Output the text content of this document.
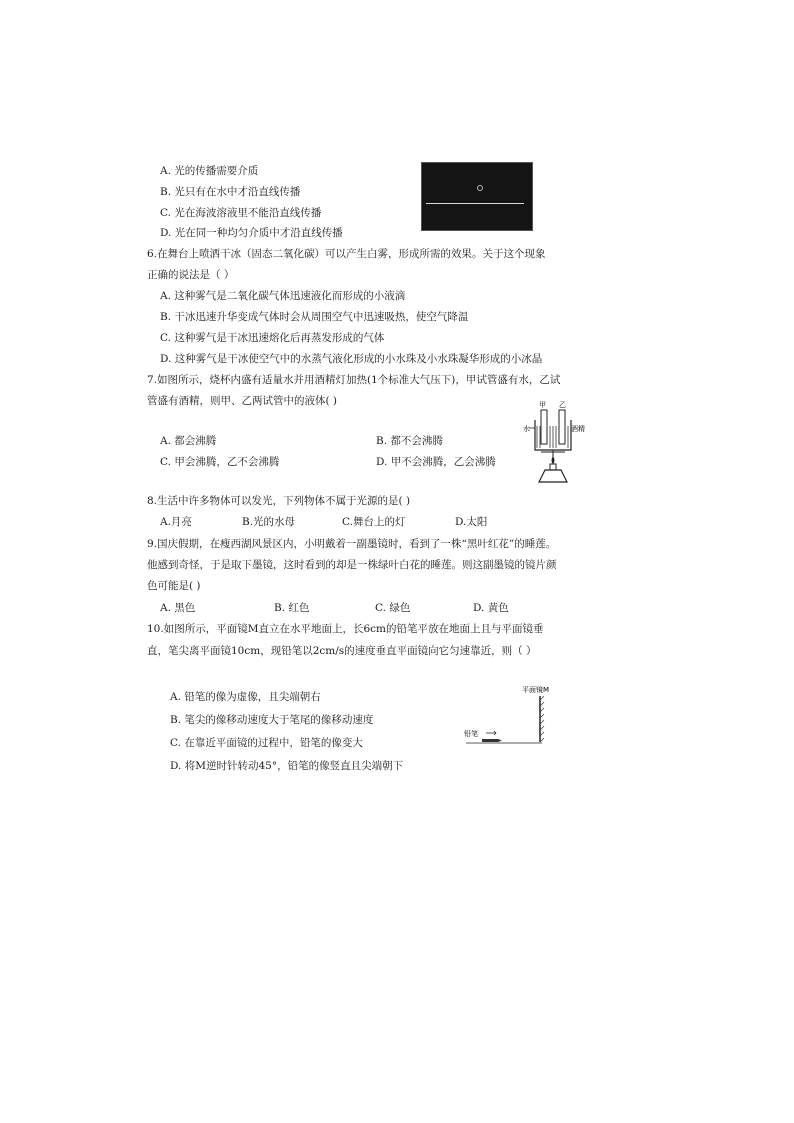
A. 光的传播需要介质
B. 光只有在水中才沿直线传播
C. 光在海波溶液里不能沿直线传播
D. 光在同一种均匀介质中才沿直线传播
6.在舞台上喷洒干冰（固态二氧化碳）可以产生白雾，形成所需的效果。关于这个现象
正确的说法是（ ）
A. 这种雾气是二氧化碳气体迅速液化而形成的小液滴
B. 干冰迅速升华变成气体时会从周围空气中迅速吸热，使空气降温
C. 这种雾气是干冰迅速熔化后再蒸发形成的气体
D. 这种雾气是干冰使空气中的水蒸气液化形成的小水珠及小水珠凝华形成的小冰晶
7.如图所示，烧杯内盛有适量水并用酒精灯加热(1个标准大气压下)，甲试管盛有水，乙试
管盛有酒精，则甲、乙两试管中的液体( )
A. 都会沸腾	B. 都不会沸腾
C. 甲会沸腾，乙不会沸腾	D. 甲不会沸腾，乙会沸腾
甲 乙
水	酒精
8.生活中许多物体可以发光，下列物体不属于光源的是( )
A.月亮	B.光的水母	C.舞台上的灯	D.太阳
9.国庆假期，在瘦西湖风景区内，小明戴着一副墨镜时，看到了一株“黑叶红花”的睡莲。
他感到奇怪，于是取下墨镜，这时看到的却是一株绿叶白花的睡莲。则这副墨镜的镜片颜
色可能是( )
A. 黑色	B. 红色	C. 绿色	D. 黄色
10.如图所示，平面镜M直立在水平地面上，长6cm的铅笔平放在地面上且与平面镜垂
直，笔尖离平面镜10cm，现铅笔以2cm/s的速度垂直平面镜向它匀速靠近，则（ ）
A. 铅笔的像为虚像，且尖端朝右
B. 笔尖的像移动速度大于笔尾的像移动速度
C. 在靠近平面镜的过程中，铅笔的像变大
D. 将M逆时针转动45°，铅笔的像竖直且尖端朝下
平面镜M
铅笔
